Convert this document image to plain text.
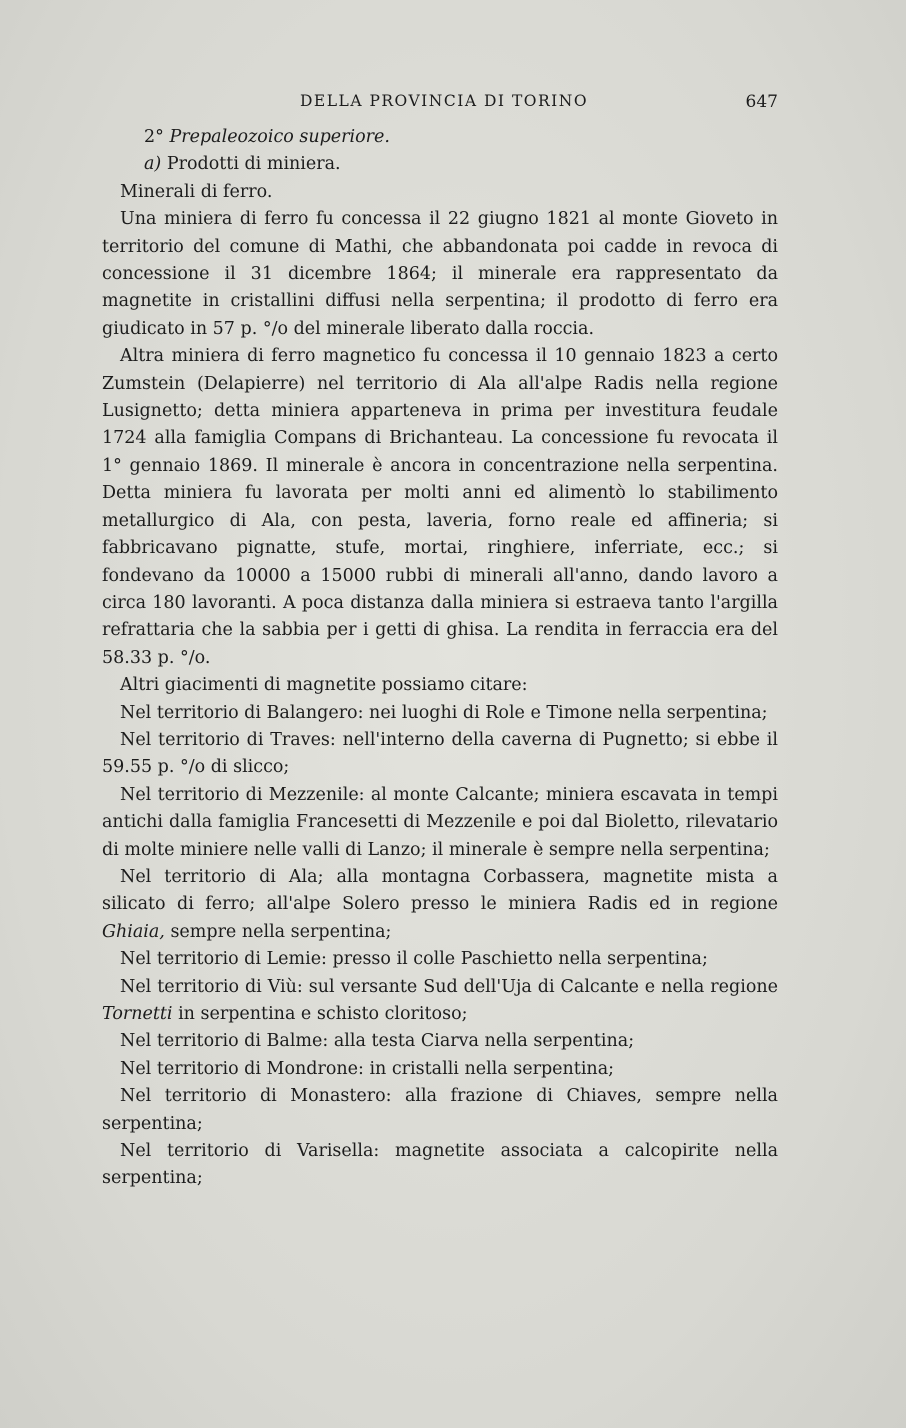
DELLA PROVINCIA DI TORINO	647

2° Prepaleozoico superiore.

a) Prodotti di miniera.

Minerali di ferro.

Una miniera di ferro fu concessa il 22 giugno 1821 al monte Gioveto in territorio del comune di Mathi, che abbandonata poi cadde in revoca di concessione il 31 dicembre 1864; il minerale era rappresentato da magnetite in cristallini diffusi nella serpentina; il prodotto di ferro era giudicato in 57 p. °/o del minerale liberato dalla roccia.

Altra miniera di ferro magnetico fu concessa il 10 gennaio 1823 a certo Zumstein (Delapierre) nel territorio di Ala all'alpe Radis nella regione Lusignetto; detta miniera apparteneva in prima per investitura feudale 1724 alla famiglia Compans di Brichanteau. La concessione fu revocata il 1° gennaio 1869. Il minerale è ancora in concentrazione nella serpentina. Detta miniera fu lavorata per molti anni ed alimentò lo stabilimento metallurgico di Ala, con pesta, laveria, forno reale ed affineria; si fabbricavano pignatte, stufe, mortai, ringhiere, inferriate, ecc.; si fondevano da 10000 a 15000 rubbi di minerali all'anno, dando lavoro a circa 180 lavoranti. A poca distanza dalla miniera si estraeva tanto l'argilla refrattaria che la sabbia per i getti di ghisa. La rendita in ferraccia era del 58.33 p. °/o.

Altri giacimenti di magnetite possiamo citare:

Nel territorio di Balangero: nei luoghi di Role e Timone nella serpentina;

Nel territorio di Traves: nell'interno della caverna di Pugnetto; si ebbe il 59.55 p. °/o di slicco;

Nel territorio di Mezzenile: al monte Calcante; miniera escavata in tempi antichi dalla famiglia Francesetti di Mezzenile e poi dal Bioletto, rilevatario di molte miniere nelle valli di Lanzo; il minerale è sempre nella serpentina;

Nel territorio di Ala; alla montagna Corbassera, magnetite mista a silicato di ferro; all'alpe Solero presso le miniera Radis ed in regione Ghiaia, sempre nella serpentina;

Nel territorio di Lemie: presso il colle Paschietto nella serpentina;

Nel territorio di Viù: sul versante Sud dell'Uja di Calcante e nella regione Tornetti in serpentina e schisto cloritoso;

Nel territorio di Balme: alla testa Ciarva nella serpentina;

Nel territorio di Mondrone: in cristalli nella serpentina;

Nel territorio di Monastero: alla frazione di Chiaves, sempre nella serpentina;

Nel territorio di Varisella: magnetite associata a calcopirite nella serpentina;
